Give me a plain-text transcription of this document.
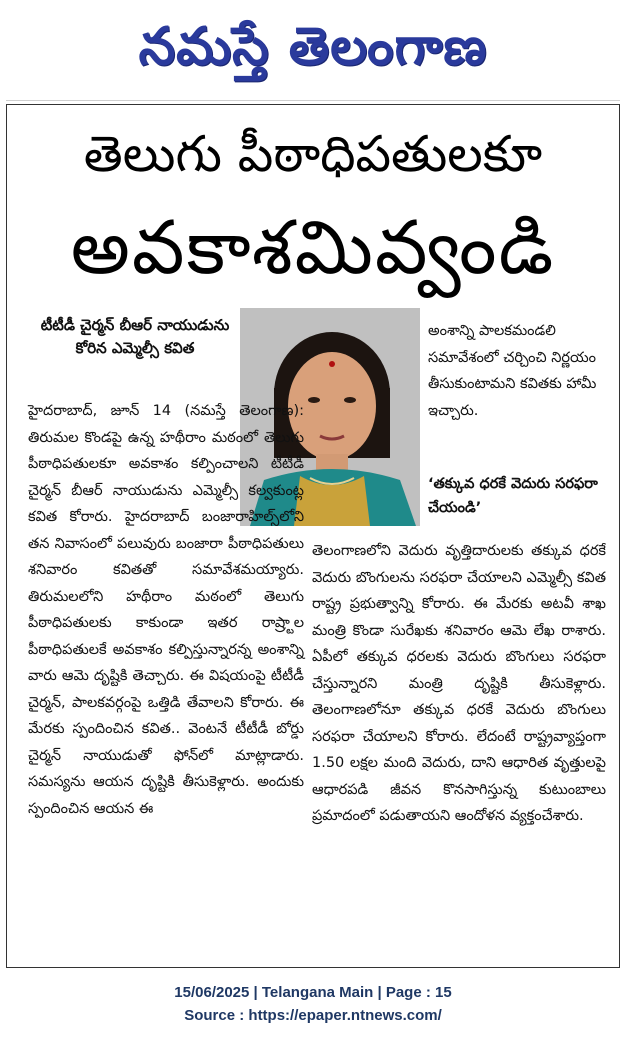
నమస్తే తెలంగాణ
తెలుగు పీఠాధిపతులకూ
అవకాశమివ్వండి
టీటీడీ చైర్మన్ బీఆర్ నాయుడును కోరిన ఎమ్మెల్సీ కవిత
హైదరాబాద్, జూన్ 14 (నమస్తే తెలంగాణ): తిరుమల కొండపై ఉన్న హథీరాం మఠంలో తెలుగు పీఠాధిపతులకూ అవకాశం కల్పించాలని టీటీడీ చైర్మన్ బీఆర్ నాయుడును ఎమ్మెల్సీ కల్వకుంట్ల కవిత కోరారు. హైదరాబాద్ బంజారాహిల్స్‌లోని తన నివాసంలో పలువురు బంజారా పీఠాధిపతులు శనివారం కవితతో సమావేశమయ్యారు. తిరుమలలోని హథీరాం మఠంలో తెలుగు పీఠాధిపతులకు కాకుండా ఇతర రాష్ర్టాల పీఠాధిపతులకే అవకాశం కల్పిస్తున్నారన్న అంశాన్ని వారు ఆమె దృష్టికి తెచ్చారు. ఈ విషయంపై టీటీడీ చైర్మన్, పాలకవర్గంపై ఒత్తిడి తేవాలని కోరారు. ఈ మేరకు స్పందించిన కవిత.. వెంటనే టీటీడీ బోర్డు చైర్మన్ నాయుడుతో ఫోన్‌లో మాట్లాడారు. సమస్యను ఆయన దృష్టికి తీసుకెళ్లారు. అందుకు స్పందించిన ఆయన ఈ
అంశాన్ని పాలకమండలి సమావేశంలో చర్చించి నిర్ణయం తీసుకుంటామని కవితకు హామీ ఇచ్చారు.
‘తక్కువ ధరకే వెదురు సరఫరా చేయండి’
తెలంగాణలోని వెదురు వృత్తిదారులకు తక్కువ ధరకే వెదురు బొంగులను సరఫరా చేయాలని ఎమ్మెల్సీ కవిత రాష్ట్ర ప్రభుత్వాన్ని కోరారు. ఈ మేరకు అటవీ శాఖ మంత్రి కొండా సురేఖకు శనివారం ఆమె లేఖ రాశారు. ఏపీలో తక్కువ ధరలకు వెదురు బొంగులు సరఫరా చేస్తున్నారని మంత్రి దృష్టికి తీసుకెళ్లారు. తెలంగాణలోనూ తక్కువ ధరకే వెదురు బొంగులు సరఫరా చేయాలని కోరారు. లేదంటే రాష్ట్రవ్యాప్తంగా 1.50 లక్షల మంది వెదురు, దాని ఆధారిత వృత్తులపై ఆధారపడి జీవన కొనసాగిస్తున్న కుటుంబాలు ప్రమాదంలో పడుతాయని ఆందోళన వ్యక్తంచేశారు.
15/06/2025 | Telangana Main | Page : 15
Source : https://epaper.ntnews.com/
